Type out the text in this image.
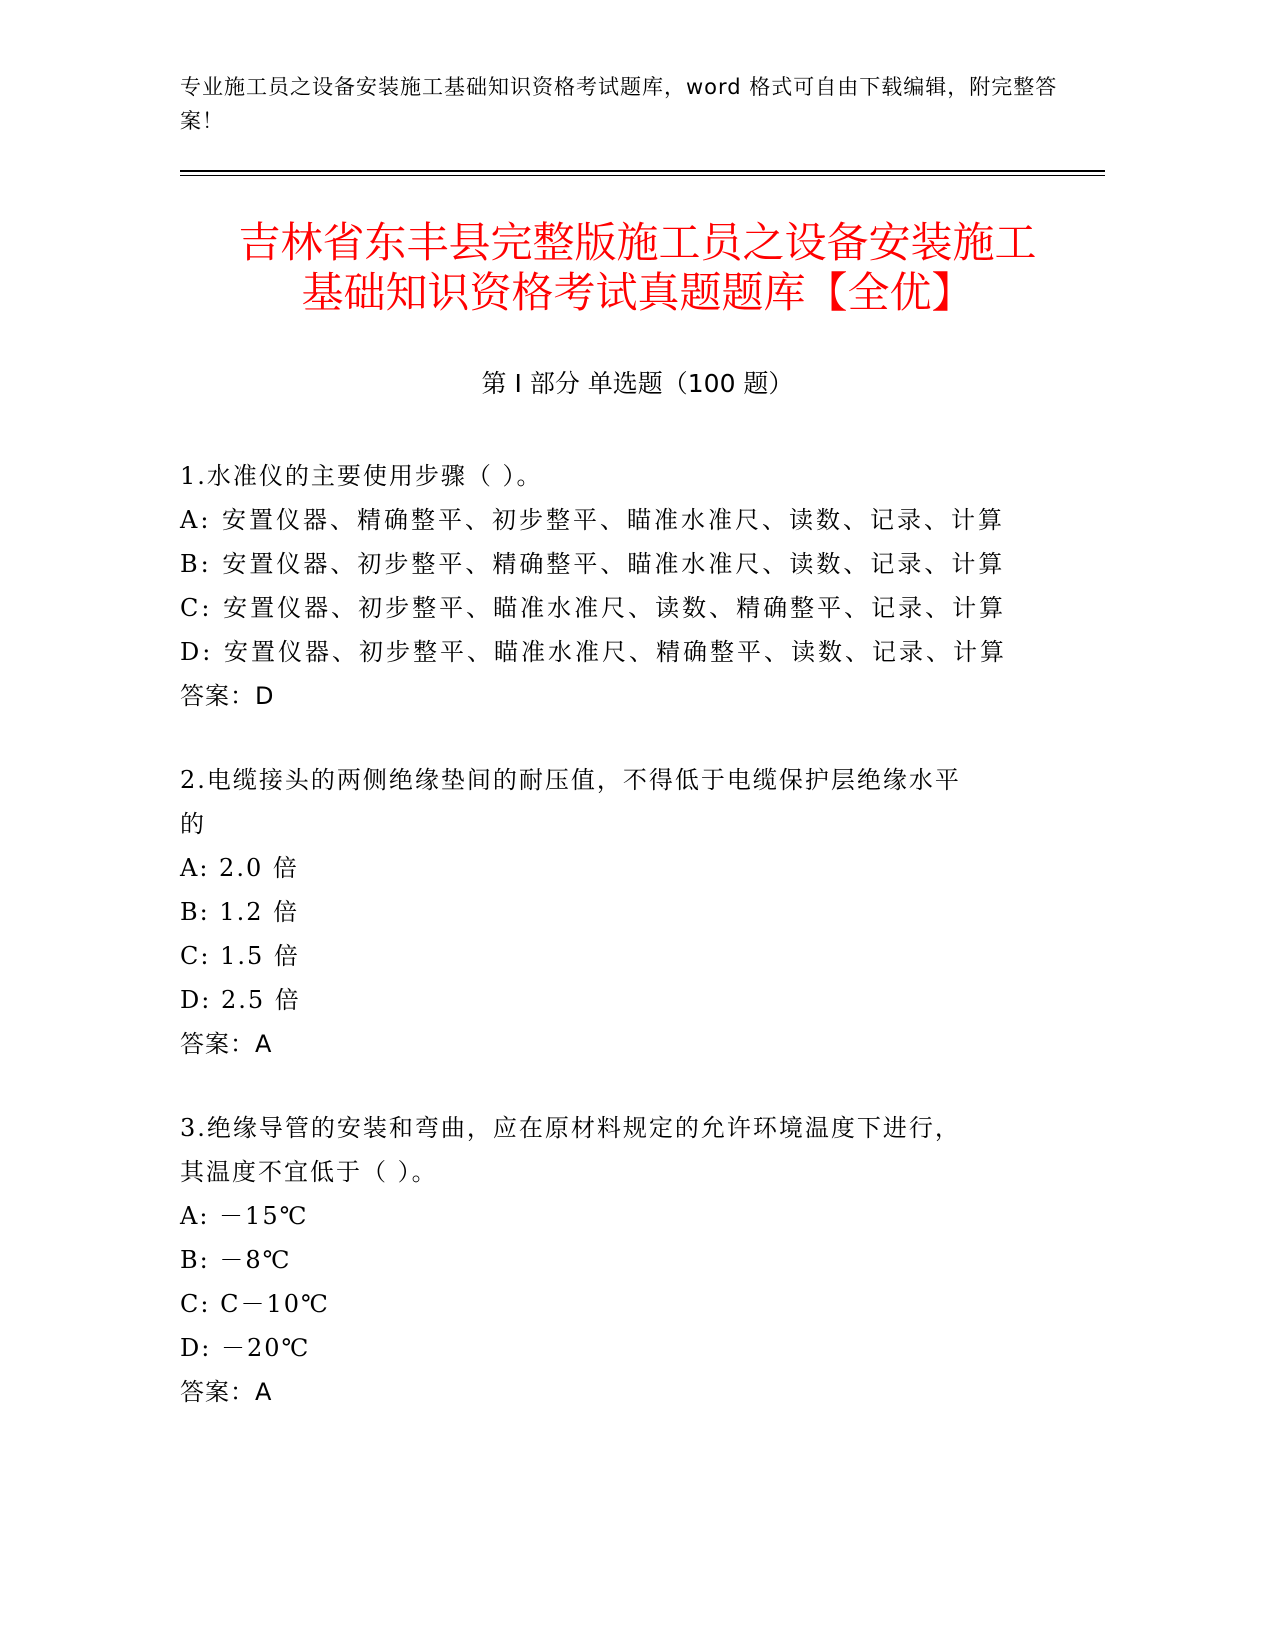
专业施工员之设备安装施工基础知识资格考试题库，word 格式可自由下载编辑，附完整答案！
吉林省东丰县完整版施工员之设备安装施工
基础知识资格考试真题题库【全优】
第 I 部分 单选题（100 题）
1.水准仪的主要使用步骤（ ）。
A: 安置仪器、精确整平、初步整平、瞄准水准尺、读数、记录、计算
B: 安置仪器、初步整平、精确整平、瞄准水准尺、读数、记录、计算
C: 安置仪器、初步整平、瞄准水准尺、读数、精确整平、记录、计算
D: 安置仪器、初步整平、瞄准水准尺、精确整平、读数、记录、计算
答案：D
2.电缆接头的两侧绝缘垫间的耐压值，不得低于电缆保护层绝缘水平
的
A: 2.0 倍
B: 1.2 倍
C: 1.5 倍
D: 2.5 倍
答案：A
3.绝缘导管的安装和弯曲，应在原材料规定的允许环境温度下进行，
其温度不宜低于（ ）。
A: －15℃
B: －8℃
C: C－10℃
D: －20℃
答案：A
